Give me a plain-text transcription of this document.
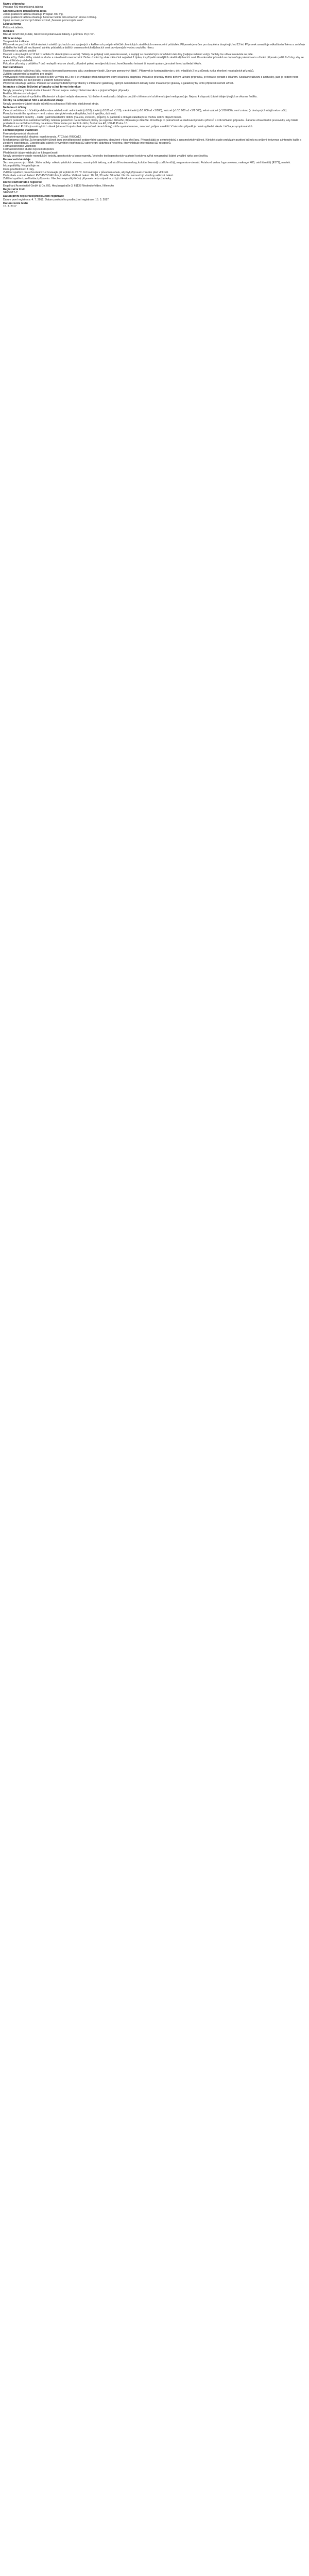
Název přípravku
Prospan 400 mg prášková tableta
Složení/Léčivá látka/Účinná látka
Jedna prášková tableta obsahuje Prospan 400 mg.
Jedna prášková tableta obsahuje hederae helicis folii extractum siccus 100 mg.
Úplný seznam pomocných látek viz bod „Seznam pomocných látek“.
Léková forma
Prášková tableta.
Indikace
Bílé až téměř bílé, kulaté, bikonvexní potahované tablety o průměru 15,0 mm.
Klinické údaje
Terapeutické indikace
Přípravek se používá k léčbě akutních zánětů dýchacích cest spojených s kašlem a k podpůrné léčbě chronických zánětlivých onemocnění průdušek. Přípravek je určen pro dospělé a dospívající od 12 let. Přípravek usnadňuje odkašlávání hlenu a zmírňuje dráždění ke kašli při nachlazení, zánětu průdušek a dalších onemocněních dýchacích cest provázených tvorbou vazkého hlenu.
Dávkování a způsob podání
Dospělí a dospívající od 12 let: 1 tableta 2× denně (ráno a večer). Tablety se polykají celé, nerozkousané, a zapíjejí se dostatečným množstvím tekutiny (nejlépe sklenicí vody). Tablety lze užívat nezávisle na jídle.
Délka léčby: Délka léčby závisí na druhu a závažnosti onemocnění. Doba užívání by však měla činit nejméně 1 týden, i v případě mírnějších zánětů dýchacích cest. Po odeznění příznaků se doporučuje pokračovat v užívání přípravku ještě 2–3 dny, aby se upevnil léčebný výsledek.
Pokud se příznaky v průběhu 7 dnů nezlepší nebo se zhorší, případně pokud se objeví dušnost, horečka nebo hnisavé či krvavé sputum, je nutné ihned vyhledat lékaře.
Kontraindikace
Hypersenzitivita na léčivou látku nebo na kteroukoli pomocnou látku uvedenou v bodě „Seznam pomocných látek“. Přípravek je kontraindikován u dětí mladších 2 let z důvodu rizika zhoršení respiračních příznaků.
Zvláštní upozornění a opatření pro použití
Přetrvávající nebo opakující se kašel u dětí ve věku od 2 do 4 let vyžaduje před zahájením léčby lékařskou diagnózu. Pokud se příznaky zhorší během užívání přípravku, je třeba se poradit s lékařem. Současné užívání s antitusiky, jako je kodein nebo dextromethorfan, se bez porady s lékařem nedoporučuje.
Přípravek obsahuje laktosu. Pacienti se vzácnými dědičnými problémy s intolerancí galaktosy, úplným nedostatkem laktázy nebo malabsorpcí glukosy a galaktosy by tento přípravek neměli užívat.
Interakce s jinými léčivými přípravky a jiné formy interakce
Nebyly provedeny žádné studie interakcí. Dosud nejsou známy žádné interakce s jinými léčivými přípravky.
Fertilita, těhotenství a kojení
Bezpečnost podávání v průběhu těhotenství a kojení nebyla stanovena. Vzhledem k nedostatku údajů se použití v těhotenství a během kojení nedoporučuje. Nejsou k dispozici žádné údaje týkající se vlivu na fertilitu.
Účinky na schopnost řídit a obsluhovat stroje
Nebyly provedeny žádné studie účinků na schopnost řídit nebo obsluhovat stroje.
Nežádoucí účinky
Četnost nežádoucích účinků je definována následovně: velmi časté (≥1/10), časté (≥1/100 až <1/10), méně časté (≥1/1 000 až <1/100), vzácné (≥1/10 000 až <1/1 000), velmi vzácné (<1/10 000), není známo (z dostupných údajů nelze určit).
Poruchy imunitního systému – není známo: alergické reakce (kopřivka, kožní vyrážka, dušnost).
Gastrointestinální poruchy – časté: gastrointestinální obtíže (nauzea, zvracení, průjem). U pacientů s citlivým žaludkem se mohou obtíže objevit častěji.
Hlášení podezření na nežádoucí účinky: Hlášení podezření na nežádoucí účinky po registraci léčivého přípravku je důležité. Umožňuje to pokračovat ve sledování poměru přínosů a rizik léčivého přípravku. Žádáme zdravotnické pracovníky, aby hlásili podezření na nežádoucí účinky na adresu Státní ústav pro kontrolu léčiv, Šrobárova 48, 100 41 Praha 10.
Předávkování: Požití výrazně vyšších dávek (více než trojnásobek doporučené denní dávky) může vyvolat nauzeu, zvracení, průjem a neklid. V takovém případě je nutné vyhledat lékaře. Léčba je symptomatická.
Farmakologické vlastnosti
Farmakodynamické vlastnosti
Farmakoterapeutická skupina: expektorancia, ATC kód: R05CA12.
Mechanismus účinku: Za terapeutický účinek jsou pravděpodobně zodpovědné saponiny obsažené v listu břečťanu. Předpokládá se sekretolytický a spasmolytický účinek. Klinické studie prokázaly pozitivní účinek na snížení frekvence a intenzity kašle a zlepšení expektorace. Expektorační účinek je vysvětlen nepřímou β2-adrenergní aktivitou α-hederinu, který inhibuje internalizaci β2-receptorů.
Farmakokinetické vlastnosti
Farmakokinetické studie nejsou k dispozici.
Předklinické údaje vztahující se k bezpečnosti
Nebyly provedeny studie reprodukční toxicity, genotoxicity a kancerogenity. Výsledky testů genotoxicity a akutní toxicity u zvířat nenaznačují žádné zvláštní riziko pro člověka.
Farmaceutické údaje
Seznam pomocných látek: Jádro tablety: mikrokrystalická celulosa, monohydrát laktosy, sodná sůl kroskarmelosy, koloidní bezvodý oxid křemičitý, magnesium-stearát. Potahová vrstva: hypromelosa, makrogol 400, oxid titaničitý (E171), mastek.
Inkompatibility: Neuplatňuje se.
Doba použitelnosti: 3 roky.
Zvláštní opatření pro uchovávání: Uchovávejte při teplotě do 25 °C. Uchovávejte v původním obalu, aby byl přípravek chráněn před vlhkostí.
Druh obalu a obsah balení: PVC/PVDC/Al blistr, krabička. Velikost balení: 10, 20, 30 nebo 50 tablet. Na trhu nemusí být všechny velikosti balení.
Zvláštní opatření pro likvidaci přípravku: Všechen nepoužitý léčivý přípravek nebo odpad musí být zlikvidován v souladu s místními požadavky.
Držitel rozhodnutí o registraci
Engelhard Arzneimittel GmbH & Co. KG, Herzbergstraße 3, 61138 Niederdorfelden, Německo
Registrační číslo
94/459/12-C
Datum první registrace/prodloužení registrace
Datum první registrace: 4. 7. 2012. Datum posledního prodloužení registrace: 15. 3. 2017.
Datum revize textu
15. 3. 2017
